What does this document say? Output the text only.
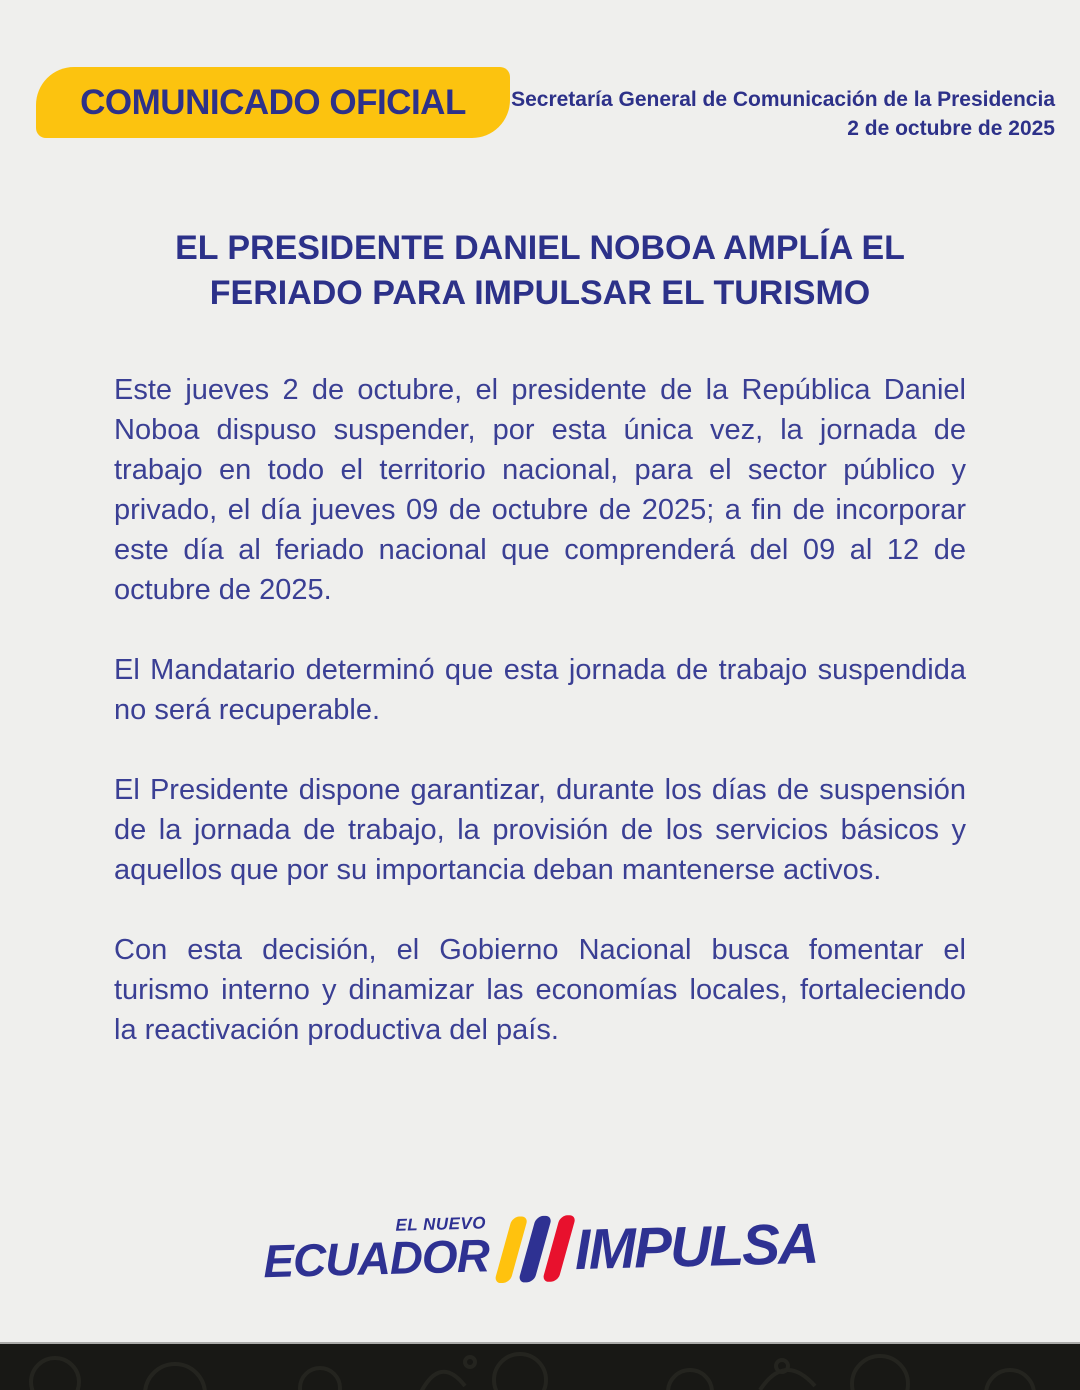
COMUNICADO OFICIAL Secretaría General de Comunicación de la Presidencia
2 de octubre de 2025
EL PRESIDENTE DANIEL NOBOA AMPLÍA EL FERIADO PARA IMPULSAR EL TURISMO

Este jueves 2 de octubre, el presidente de la República Daniel Noboa dispuso suspender, por esta única vez, la jornada de trabajo en todo el territorio nacional, para el sector público y privado, el día jueves 09 de octubre de 2025; a fin de incorporar este día al feriado nacional que comprenderá del 09 al 12 de octubre de 2025.

El Mandatario determinó que esta jornada de trabajo suspendida no será recuperable.

El Presidente dispone garantizar, durante los días de suspensión de la jornada de trabajo, la provisión de los servicios básicos y aquellos que por su importancia deban mantenerse activos.

Con esta decisión, el Gobierno Nacional busca fomentar el turismo interno y dinamizar las economías locales, fortaleciendo la reactivación productiva del país.

EL NUEVO
ECUADOR IMPULSA
